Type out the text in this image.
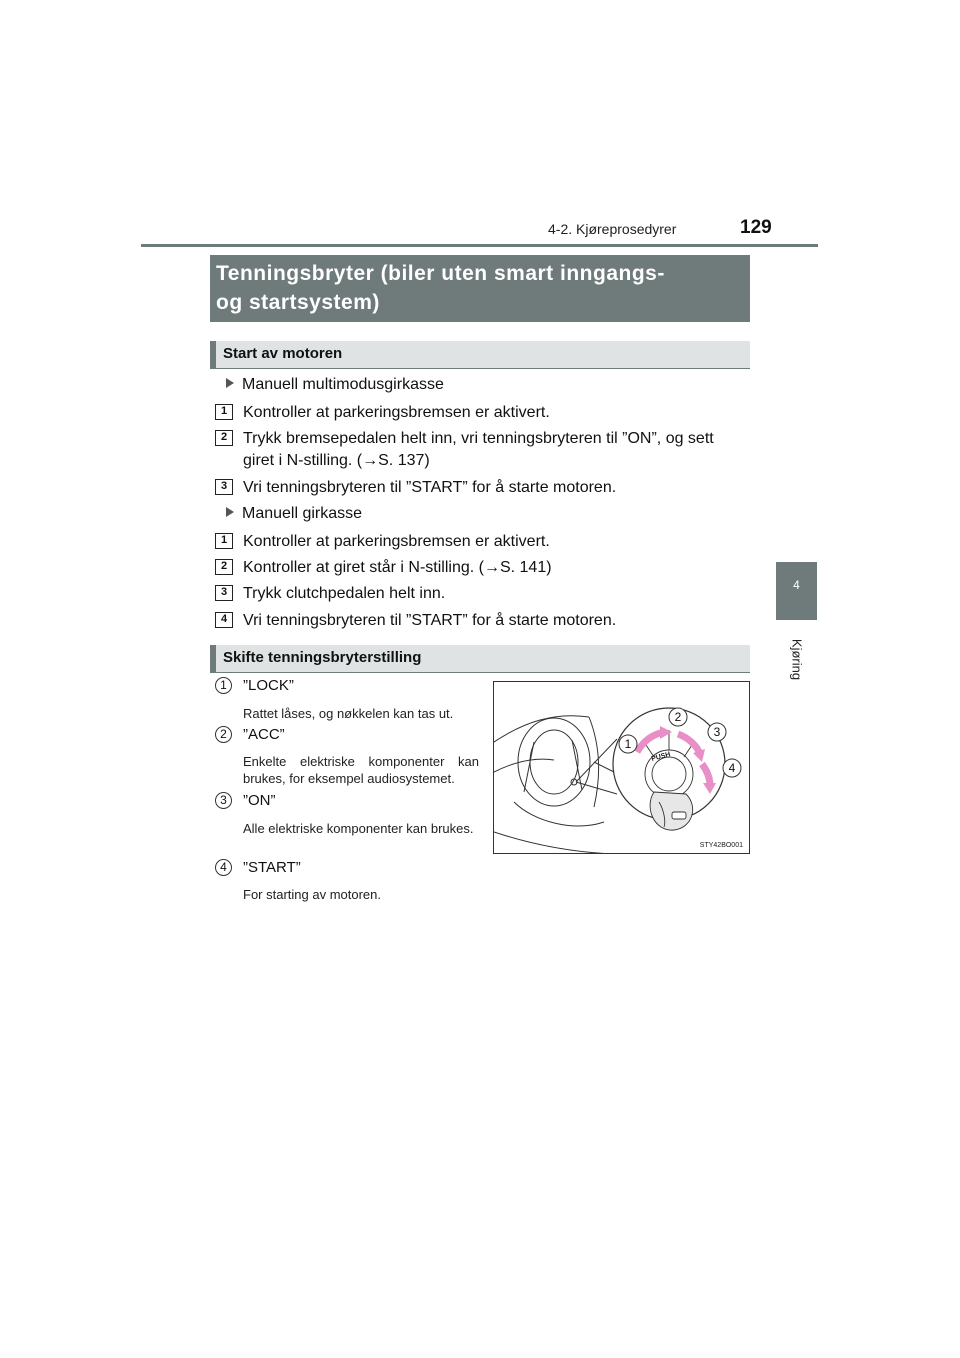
4-2. Kjøreprosedyrer	129
4
Kjøring
Tenningsbryter (biler uten smart inngangs-
og startsystem)
Start av motoren
Manuell multimodusgirkasse
1 Kontroller at parkeringsbremsen er aktivert.
2 Trykk bremsepedalen helt inn, vri tenningsbryteren til ”ON”, og sett
giret i N-stilling. (→S. 137)
3 Vri tenningsbryteren til ”START” for å starte motoren.
Manuell girkasse
1 Kontroller at parkeringsbremsen er aktivert.
2 Kontroller at giret står i N-stilling. (→S. 141)
3 Trykk clutchpedalen helt inn.
4 Vri tenningsbryteren til ”START” for å starte motoren.
Skifte tenningsbryterstilling
1	”LOCK”
Rattet låses, og nøkkelen kan tas ut.
2	”ACC”
Enkelte elektriske komponenter kan brukes, for eksempel audiosystemet.
3	”ON”
Alle elektriske komponenter kan brukes.
4	”START”
For starting av motoren.
PUSH
1
2
3
4
STY42BO001
